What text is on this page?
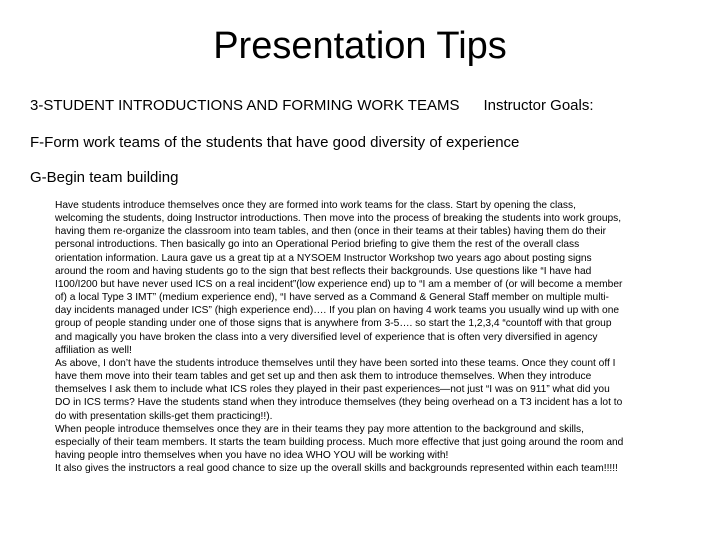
Presentation Tips
3-STUDENT INTRODUCTIONS AND FORMING WORK TEAMS Instructor Goals:
F-Form work teams of the students that have good diversity of experience
G-Begin team building

Have students introduce themselves once they are formed into work teams for the class. Start by opening the class, welcoming the students, doing Instructor introductions. Then move into the process of breaking the students into work groups, having them re-organize the classroom into team tables, and then (once in their teams at their tables) having them do their personal introductions. Then basically go into an Operational Period briefing to give them the rest of the overall class orientation information. Laura gave us a great tip at a NYSOEM Instructor Workshop two years ago about posting signs around the room and having students go to the sign that best reflects their backgrounds. Use questions like “I have had I100/I200 but have never used ICS on a real incident”(low experience end) up to “I am a member of (or will become a member of) a local Type 3 IMT” (medium experience end), “I have served as a Command & General Staff member on multiple multi-day incidents managed under ICS” (high experience end)…. If you plan on having 4 work teams you usually wind up with one group of people standing under one of those signs that is anywhere from 3-5…. so start the 1,2,3,4 “countoff with that group and magically you have broken the class into a very diversified level of experience that is often very diversified in agency affiliation as well!

As above, I don’t have the students introduce themselves until they have been sorted into these teams. Once they count off I have them move into their team tables and get set up and then ask them to introduce themselves. When they introduce themselves I ask them to include what ICS roles they played in their past experiences—not just “I was on 911” what did you DO in ICS terms? Have the students stand when they introduce themselves (they being overhead on a T3 incident has a lot to do with presentation skills-get them practicing!!).

When people introduce themselves once they are in their teams they pay more attention to the background and skills, especially of their team members. It starts the team building process. Much more effective that just going around the room and having people intro themselves when you have no idea WHO YOU will be working with!

It also gives the instructors a real good chance to size up the overall skills and backgrounds represented within each team!!!!!
